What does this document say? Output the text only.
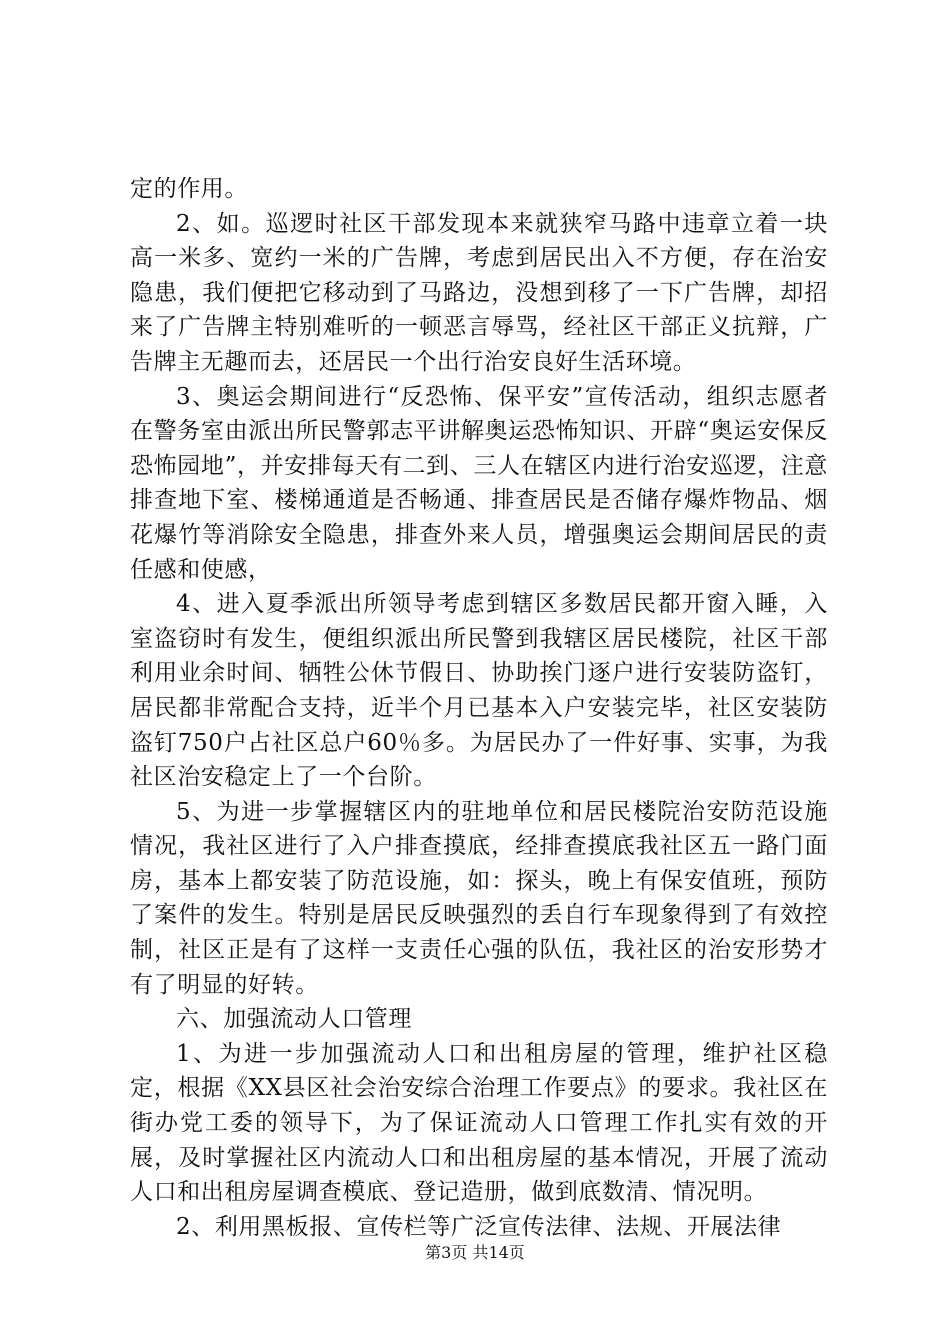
定的作用。

2、如。巡逻时社区干部发现本来就狭窄马路中违章立着一块高一米多、宽约一米的广告牌，考虑到居民出入不方便，存在治安隐患，我们便把它移动到了马路边，没想到移了一下广告牌，却招来了广告牌主特别难听的一顿恶言辱骂，经社区干部正义抗辩，广告牌主无趣而去，还居民一个出行治安良好生活环境。

3、奥运会期间进行“反恐怖、保平安”宣传活动，组织志愿者在警务室由派出所民警郭志平讲解奥运恐怖知识、开辟“奥运安保反恐怖园地”，并安排每天有二到、三人在辖区内进行治安巡逻，注意排查地下室、楼梯通道是否畅通、排查居民是否储存爆炸物品、烟花爆竹等消除安全隐患，排查外来人员，增强奥运会期间居民的责任感和使感，

4、进入夏季派出所领导考虑到辖区多数居民都开窗入睡，入室盗窃时有发生，便组织派出所民警到我辖区居民楼院，社区干部利用业余时间、牺牲公休节假日、协助挨门逐户进行安装防盗钉，居民都非常配合支持，近半个月已基本入户安装完毕，社区安装防盗钉750户占社区总户60％多。为居民办了一件好事、实事，为我社区治安稳定上了一个台阶。

5、为进一步掌握辖区内的驻地单位和居民楼院治安防范设施情况，我社区进行了入户排查摸底，经排查摸底我社区五一路门面房，基本上都安装了防范设施，如：探头，晚上有保安值班，预防了案件的发生。特别是居民反映强烈的丢自行车现象得到了有效控制，社区正是有了这样一支责任心强的队伍，我社区的治安形势才有了明显的好转。

六、加强流动人口管理

1、为进一步加强流动人口和出租房屋的管理，维护社区稳定，根据《XX县区社会治安综合治理工作要点》的要求。我社区在街办党工委的领导下，为了保证流动人口管理工作扎实有效的开展，及时掌握社区内流动人口和出租房屋的基本情况，开展了流动人口和出租房屋调查模底、登记造册，做到底数清、情况明。

2、利用黑板报、宣传栏等广泛宣传法律、法规、开展法律

第3页 共14页
